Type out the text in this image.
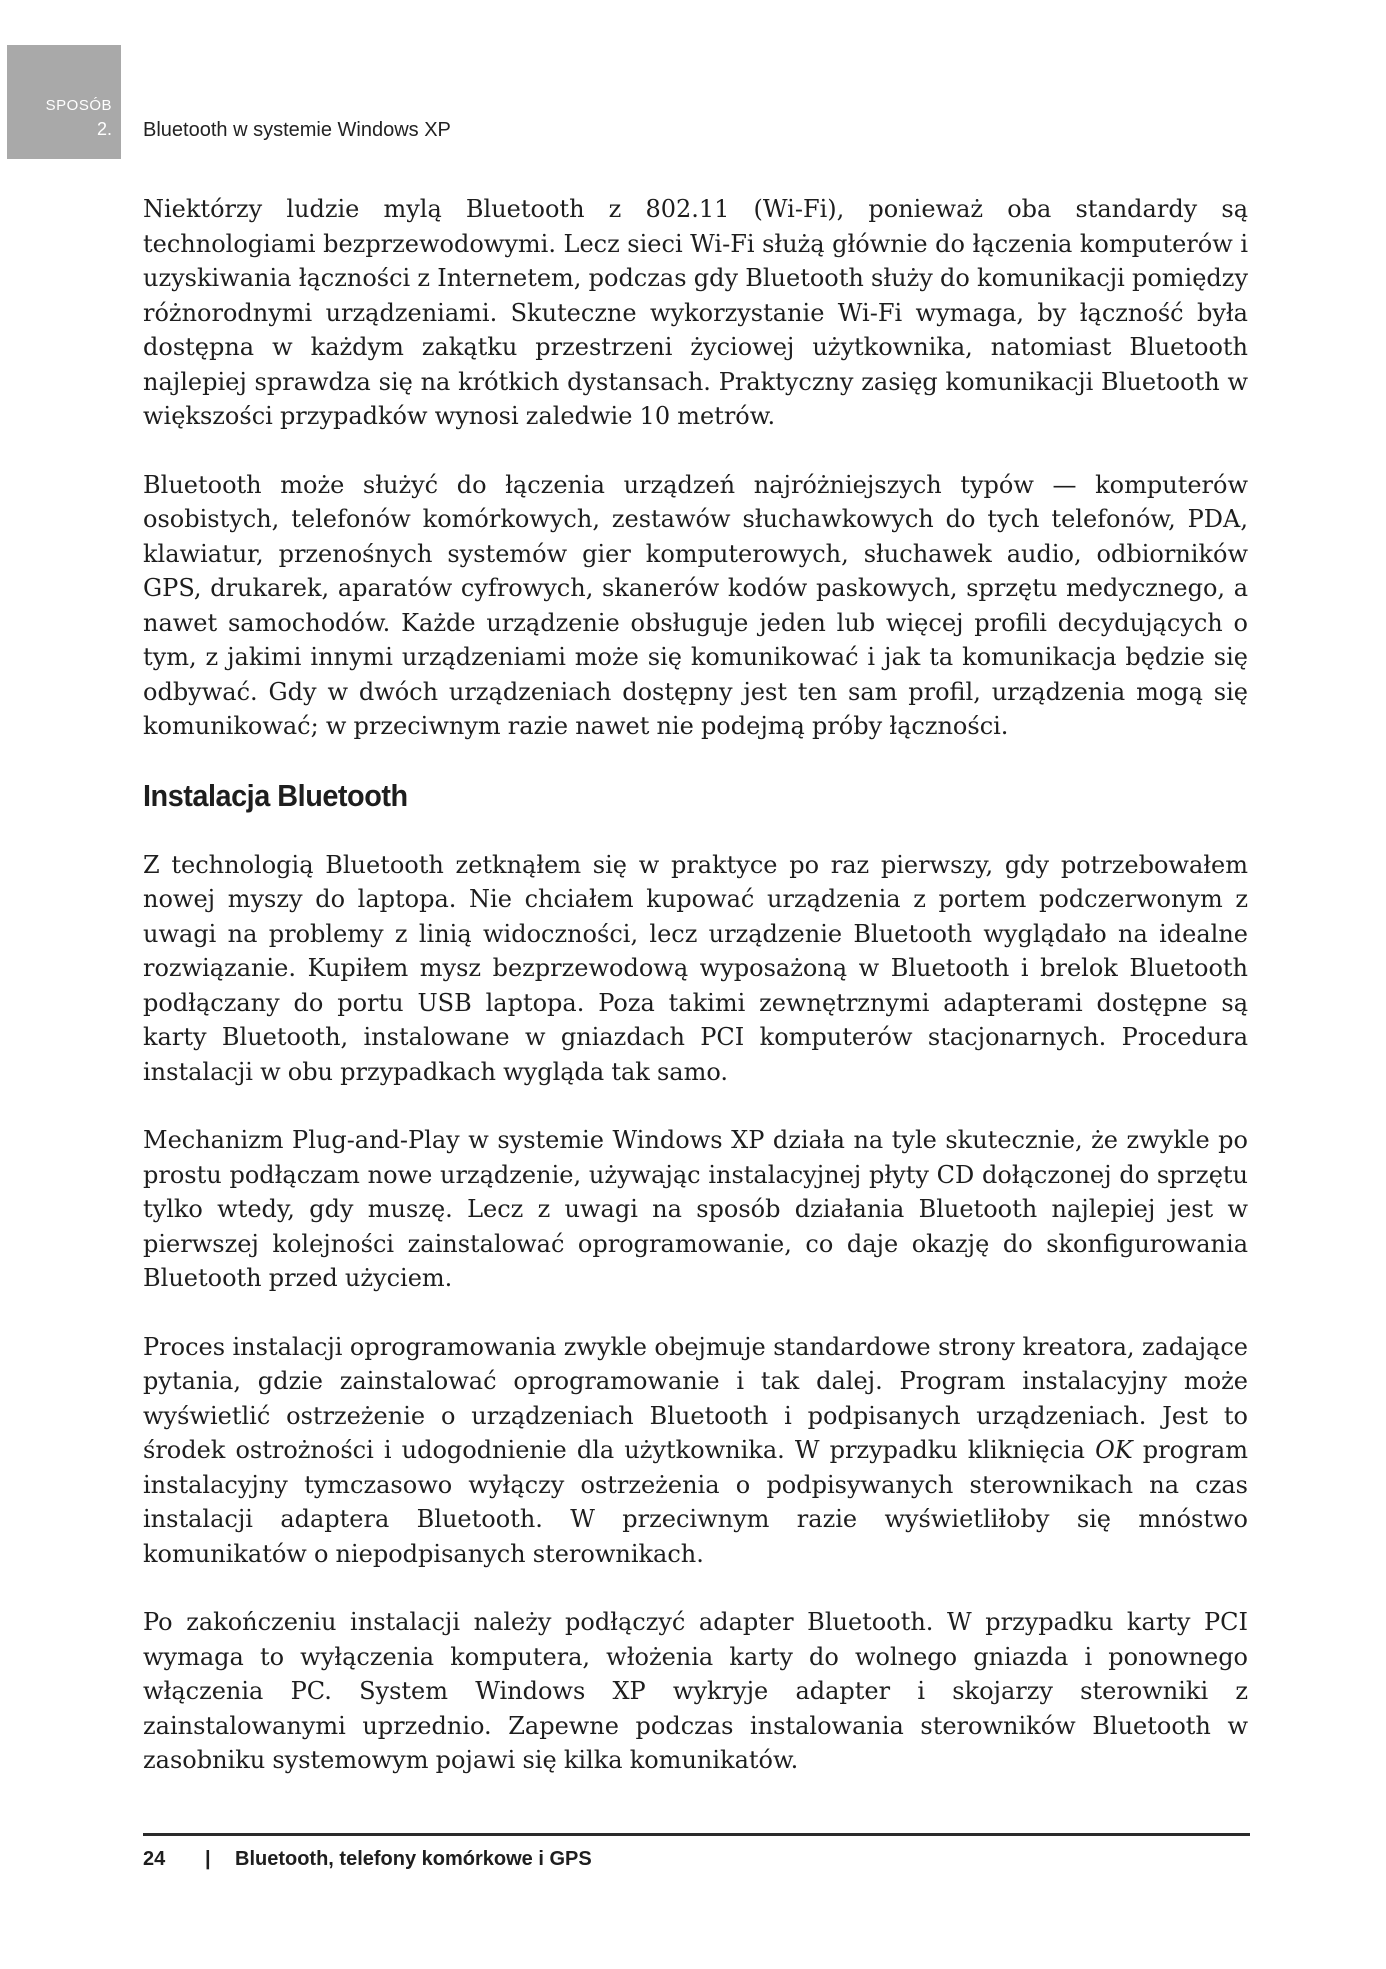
SPOSÓB
2. Bluetooth w systemie Windows XP

Niektórzy ludzie mylą Bluetooth z 802.11 (Wi-Fi), ponieważ oba standardy są technologiami bezprzewodowymi. Lecz sieci Wi-Fi służą głównie do łączenia komputerów i uzyskiwania łączności z Internetem, podczas gdy Bluetooth służy do komunikacji pomiędzy różnorodnymi urządzeniami. Skuteczne wykorzystanie Wi-Fi wymaga, by łączność była dostępna w każdym zakątku przestrzeni życiowej użytkownika, natomiast Bluetooth najlepiej sprawdza się na krótkich dystansach. Praktyczny zasięg komunikacji Bluetooth w większości przypadków wynosi zaledwie 10 metrów.

Bluetooth może służyć do łączenia urządzeń najróżniejszych typów — komputerów osobistych, telefonów komórkowych, zestawów słuchawkowych do tych telefonów, PDA, klawiatur, przenośnych systemów gier komputerowych, słuchawek audio, odbiorników GPS, drukarek, aparatów cyfrowych, skanerów kodów paskowych, sprzętu medycznego, a nawet samochodów. Każde urządzenie obsługuje jeden lub więcej profili decydujących o tym, z jakimi innymi urządzeniami może się komunikować i jak ta komunikacja będzie się odbywać. Gdy w dwóch urządzeniach dostępny jest ten sam profil, urządzenia mogą się komunikować; w przeciwnym razie nawet nie podejmą próby łączności.

Instalacja Bluetooth

Z technologią Bluetooth zetknąłem się w praktyce po raz pierwszy, gdy potrzebowałem nowej myszy do laptopa. Nie chciałem kupować urządzenia z portem podczerwonym z uwagi na problemy z linią widoczności, lecz urządzenie Bluetooth wyglądało na idealne rozwiązanie. Kupiłem mysz bezprzewodową wyposażoną w Bluetooth i brelok Bluetooth podłączany do portu USB laptopa. Poza takimi zewnętrznymi adapterami dostępne są karty Bluetooth, instalowane w gniazdach PCI komputerów stacjonarnych. Procedura instalacji w obu przypadkach wygląda tak samo.

Mechanizm Plug-and-Play w systemie Windows XP działa na tyle skutecznie, że zwykle po prostu podłączam nowe urządzenie, używając instalacyjnej płyty CD dołączonej do sprzętu tylko wtedy, gdy muszę. Lecz z uwagi na sposób działania Bluetooth najlepiej jest w pierwszej kolejności zainstalować oprogramowanie, co daje okazję do skonfigurowania Bluetooth przed użyciem.

Proces instalacji oprogramowania zwykle obejmuje standardowe strony kreatora, zadające pytania, gdzie zainstalować oprogramowanie i tak dalej. Program instalacyjny może wyświetlić ostrzeżenie o urządzeniach Bluetooth i podpisanych urządzeniach. Jest to środek ostrożności i udogodnienie dla użytkownika. W przypadku kliknięcia OK program instalacyjny tymczasowo wyłączy ostrzeżenia o podpisywanych sterownikach na czas instalacji adaptera Bluetooth. W przeciwnym razie wyświetliłoby się mnóstwo komunikatów o niepodpisanych sterownikach.

Po zakończeniu instalacji należy podłączyć adapter Bluetooth. W przypadku karty PCI wymaga to wyłączenia komputera, włożenia karty do wolnego gniazda i ponownego włączenia PC. System Windows XP wykryje adapter i skojarzy sterowniki z zainstalowanymi uprzednio. Zapewne podczas instalowania sterowników Bluetooth w zasobniku systemowym pojawi się kilka komunikatów.

24	|	Bluetooth, telefony komórkowe i GPS
